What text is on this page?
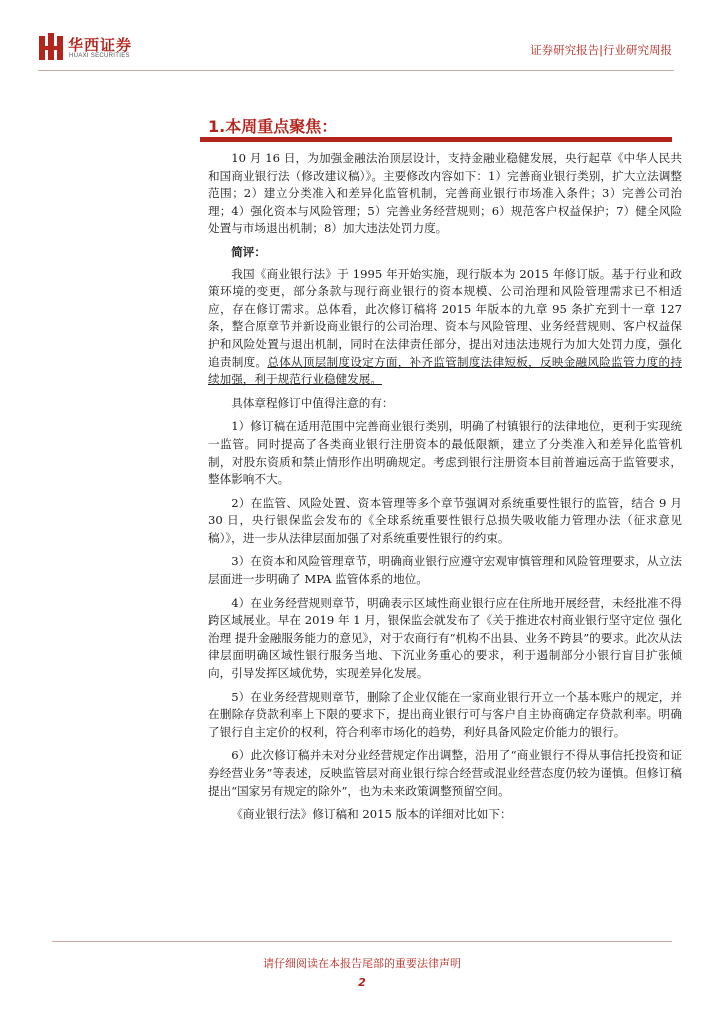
华西证券
HUAXI SECURITIES	证券研究报告|行业研究周报
1.本周重点聚焦：

10 月 16 日，为加强金融法治顶层设计，支持金融业稳健发展，央行起草《中华人民共和国商业银行法（修改建议稿）》。主要修改内容如下：1）完善商业银行类别，扩大立法调整范围；2）建立分类准入和差异化监管机制，完善商业银行市场准入条件；3）完善公司治理；4）强化资本与风险管理；5）完善业务经营规则；6）规范客户权益保护；7）健全风险处置与市场退出机制；8）加大违法处罚力度。

简评：

我国《商业银行法》于 1995 年开始实施，现行版本为 2015 年修订版。基于行业和政策环境的变更，部分条款与现行商业银行的资本规模、公司治理和风险管理需求已不相适应，存在修订需求。总体看，此次修订稿将 2015 年版本的九章 95 条扩充到十一章 127 条，整合原章节并新设商业银行的公司治理、资本与风险管理、业务经营规则、客户权益保护和风险处置与退出机制，同时在法律责任部分，提出对违法违规行为加大处罚力度，强化追责制度。总体从顶层制度设定方面，补齐监管制度法律短板，反映金融风险监管力度的持续加强，利于规范行业稳健发展。

具体章程修订中值得注意的有：

1）修订稿在适用范围中完善商业银行类别，明确了村镇银行的法律地位，更利于实现统一监管。同时提高了各类商业银行注册资本的最低限额，建立了分类准入和差异化监管机制，对股东资质和禁止情形作出明确规定。考虑到银行注册资本目前普遍远高于监管要求，整体影响不大。

2）在监管、风险处置、资本管理等多个章节强调对系统重要性银行的监管，结合 9 月 30 日，央行银保监会发布的《全球系统重要性银行总损失吸收能力管理办法（征求意见稿）》，进一步从法律层面加强了对系统重要性银行的约束。

3）在资本和风险管理章节，明确商业银行应遵守宏观审慎管理和风险管理要求，从立法层面进一步明确了 MPA 监管体系的地位。

4）在业务经营规则章节，明确表示区域性商业银行应在住所地开展经营，未经批准不得跨区域展业。早在 2019 年 1 月，银保监会就发布了《关于推进农村商业银行坚守定位 强化治理 提升金融服务能力的意见》，对于农商行有“机构不出县、业务不跨县”的要求。此次从法律层面明确区域性银行服务当地、下沉业务重心的要求，利于遏制部分小银行盲目扩张倾向，引导发挥区域优势，实现差异化发展。

5）在业务经营规则章节，删除了企业仅能在一家商业银行开立一个基本账户的规定，并在删除存贷款利率上下限的要求下，提出商业银行可与客户自主协商确定存贷款利率。明确了银行自主定价的权利，符合利率市场化的趋势，利好具备风险定价能力的银行。

6）此次修订稿并未对分业经营规定作出调整，沿用了“商业银行不得从事信托投资和证券经营业务”等表述，反映监管层对商业银行综合经营或混业经营态度仍较为谨慎。但修订稿提出“国家另有规定的除外”，也为未来政策调整预留空间。

《商业银行法》修订稿和 2015 版本的详细对比如下：

请仔细阅读在本报告尾部的重要法律声明
2
